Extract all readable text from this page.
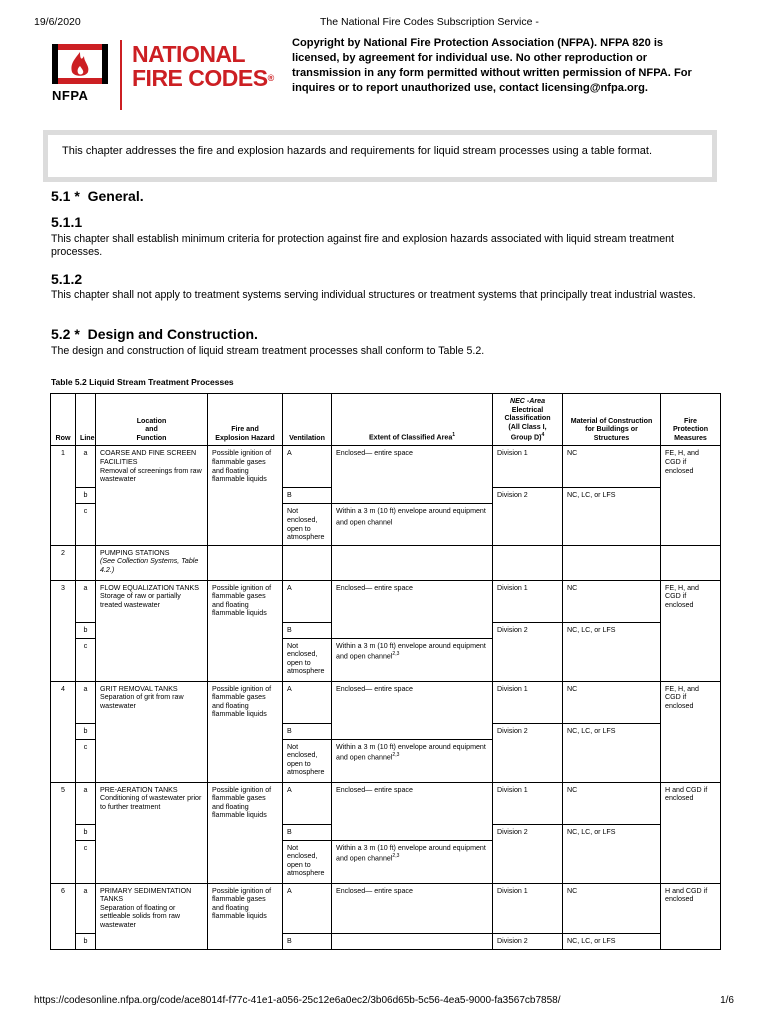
19/6/2020	The National Fire Codes Subscription Service -
NFPA
NATIONAL
FIRE CODES®
Copyright by National Fire Protection Association (NFPA). NFPA 820 is licensed, by agreement for individual use. No other reproduction or transmission in any form permitted without written permission of NFPA. For inquires or to report unauthorized use, contact licensing@nfpa.org.

This chapter addresses the fire and explosion hazards and requirements for liquid stream processes using a table format.

5.1 * General.
5.1.1

This chapter shall establish minimum criteria for protection against fire and explosion hazards associated with liquid stream treatment processes.

5.1.2

This chapter shall not apply to treatment systems serving individual structures or treatment systems that principally treat industrial wastes.

5.2 * Design and Construction.

The design and construction of liquid stream treatment processes shall conform to Table 5.2.

Table 5.2 Liquid Stream Treatment Processes
Row	Line	Location
and
Function	Fire and
Explosion Hazard	Ventilation	Extent of Classified Area$^1$	NEC -Area
Electrical
Classification
(All Class I,
Group D)$^4$	Material of Construction
for Buildings or
Structures	Fire
Protection
Measures

1	a	COARSE AND FINE SCREEN FACILITIES
Removal of screenings from raw wastewater	Possible ignition of flammable gases and floating flammable liquids	A	Enclosed— entire space	Division 1	NC	FE, H, and CGD if enclosed
	b			B		Division 2	NC, LC, or LFS	
	c			Not enclosed, open to atmosphere	Within a 3 m (10 ft) envelope around equipment and open channel			
2		PUMPING STATIONS
(See Collection Systems, Table 4.2.)						
3	a	FLOW EQUALIZATION TANKS
Storage of raw or partially treated wastewater	Possible ignition of flammable gases and floating flammable liquids	A	Enclosed— entire space	Division 1	NC	FE, H, and CGD if enclosed
	b			B		Division 2	NC, LC, or LFS	
	c			Not enclosed, open to atmosphere	Within a 3 m (10 ft) envelope around equipment and open channel$^{2,3}$
4	a	GRIT REMOVAL TANKS
Separation of grit from raw wastewater	Possible ignition of flammable gases and floating flammable liquids	A	Enclosed— entire space	Division 1	NC	FE, H, and CGD if enclosed
	b			B		Division 2	NC, LC, or LFS	
	c			Not enclosed, open to atmosphere	Within a 3 m (10 ft) envelope around equipment and open channel$^{2,3}$
5	a	PRE-AERATION TANKS
Conditioning of wastewater prior to further treatment	Possible ignition of flammable gases and floating flammable liquids	A	Enclosed— entire space	Division 1	NC	H and CGD if enclosed
	b			B		Division 2	NC, LC, or LFS	
	c			Not enclosed, open to atmosphere	Within a 3 m (10 ft) envelope around equipment and open channel$^{2,3}$
6	a	PRIMARY SEDIMENTATION TANKS
Separation of floating or settleable solids from raw wastewater	Possible ignition of flammable gases and floating flammable liquids	A	Enclosed— entire space	Division 1	NC	H and CGD if enclosed
	b			B		Division 2	NC, LC, or LFS	
https://codesonline.nfpa.org/code/ace8014f-f77c-41e1-a056-25c12e6a0ec2/3b06d65b-5c56-4ea5-9000-fa3567cb7858/	1/6
